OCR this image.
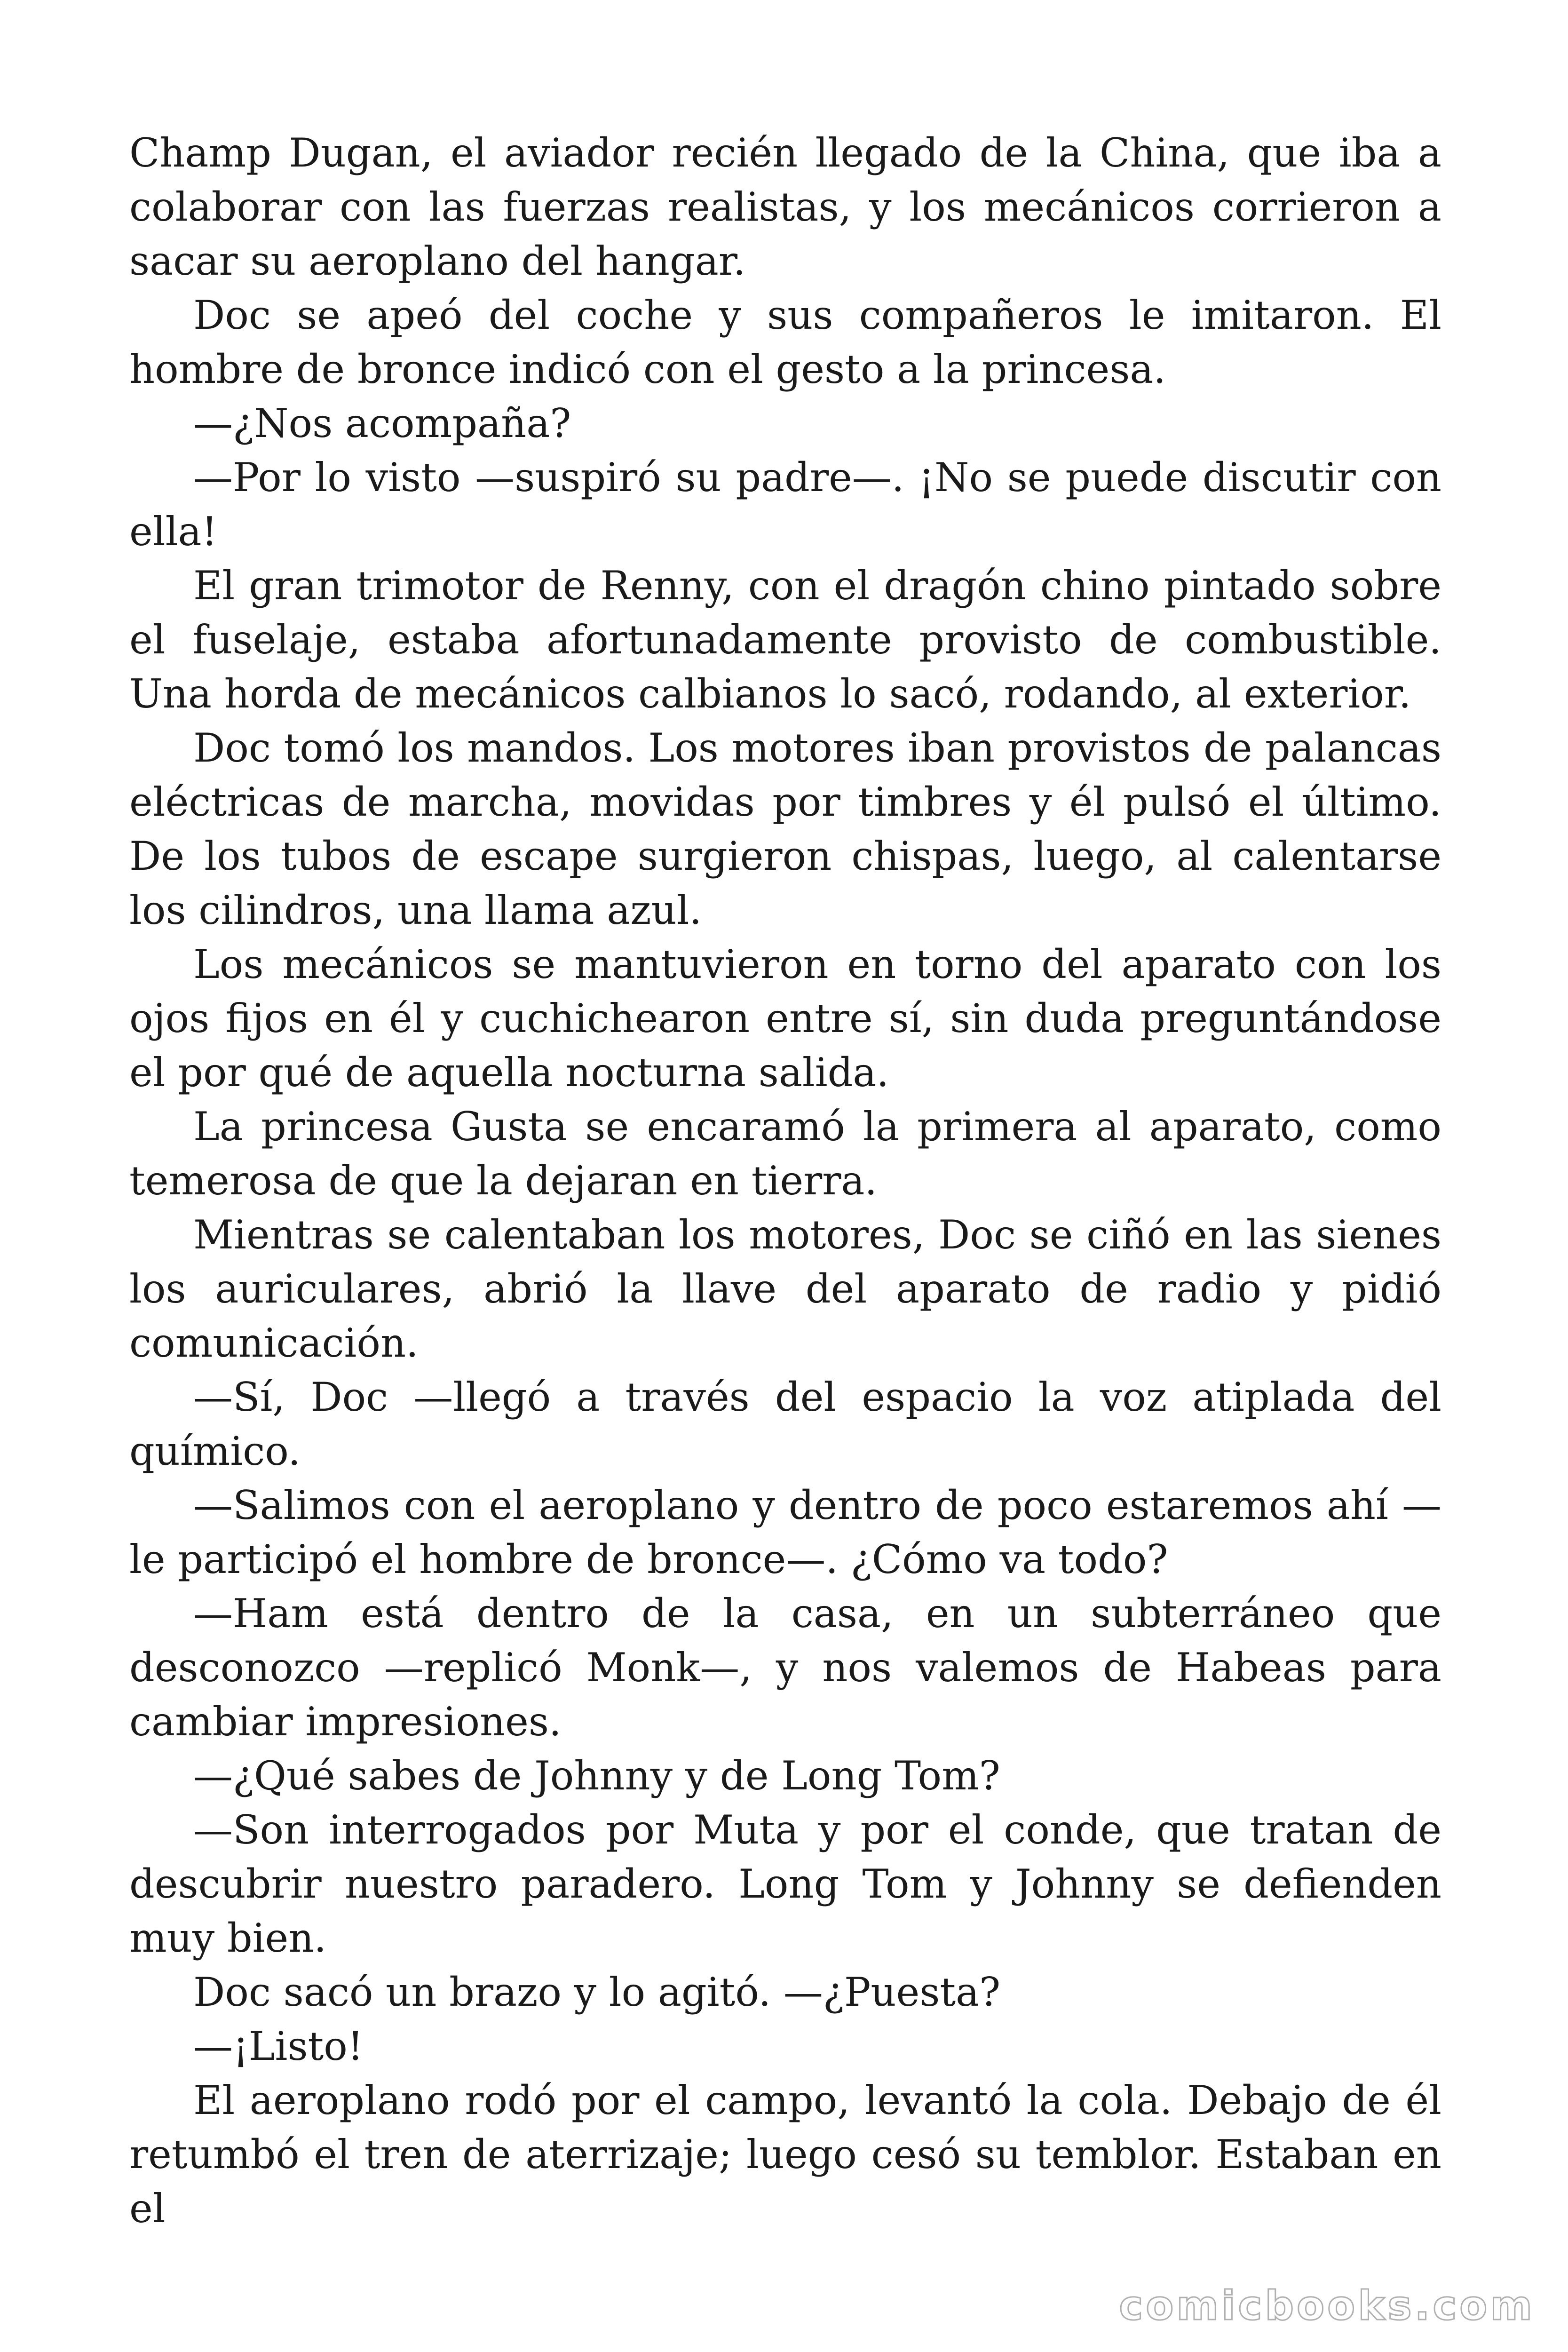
Champ Dugan, el aviador recién llegado de la China, que iba a colaborar con las fuerzas realistas, y los mecánicos corrieron a sacar su aeroplano del hangar.

Doc se apeó del coche y sus compañeros le imitaron. El hombre de bronce indicó con el gesto a la princesa.

—¿Nos acompaña?

—Por lo visto —suspiró su padre—. ¡No se puede discutir con ella!

El gran trimotor de Renny, con el dragón chino pintado sobre el fuselaje, estaba afortunadamente provisto de combustible. Una horda de mecánicos calbianos lo sacó, rodando, al exterior.

Doc tomó los mandos. Los motores iban provistos de palancas eléctricas de marcha, movidas por timbres y él pulsó el último. De los tubos de escape surgieron chispas, luego, al calentarse los cilindros, una llama azul.

Los mecánicos se mantuvieron en torno del aparato con los ojos fijos en él y cuchichearon entre sí, sin duda preguntándose el por qué de aquella nocturna salida.

La princesa Gusta se encaramó la primera al aparato, como temerosa de que la dejaran en tierra.

Mientras se calentaban los motores, Doc se ciñó en las sienes los auriculares, abrió la llave del aparato de radio y pidió comunicación.

—Sí, Doc —llegó a través del espacio la voz atiplada del químico.

—Salimos con el aeroplano y dentro de poco estaremos ahí —le participó el hombre de bronce—. ¿Cómo va todo?

—Ham está dentro de la casa, en un subterráneo que desconozco —replicó Monk—, y nos valemos de Habeas para cambiar impresiones.

—¿Qué sabes de Johnny y de Long Tom?

—Son interrogados por Muta y por el conde, que tratan de descubrir nuestro paradero. Long Tom y Johnny se defienden muy bien.

Doc sacó un brazo y lo agitó. —¿Puesta?

—¡Listo!

El aeroplano rodó por el campo, levantó la cola. Debajo de él retumbó el tren de aterrizaje; luego cesó su temblor. Estaban en el

comicbooks.com
